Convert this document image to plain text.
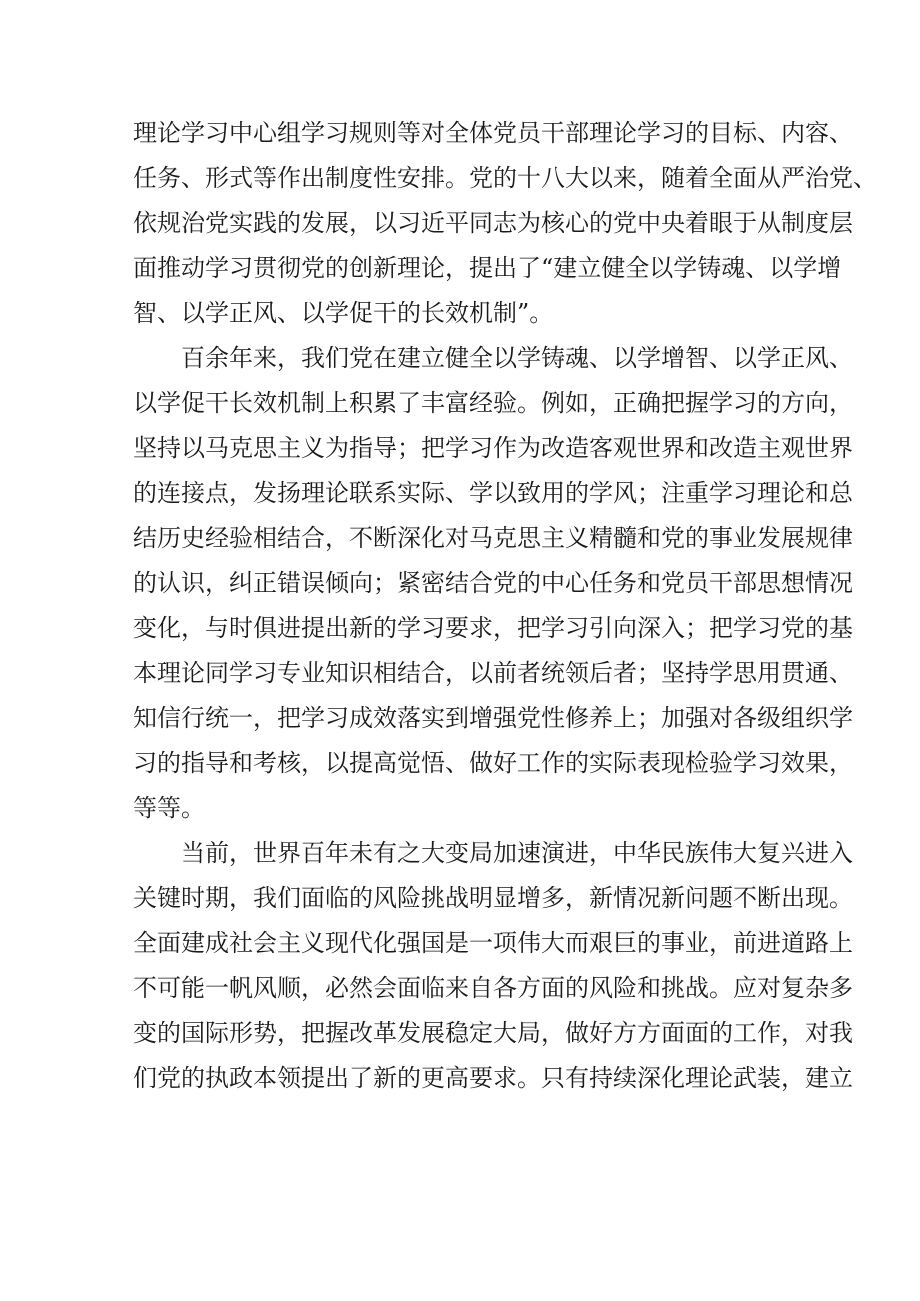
理论学习中心组学习规则等对全体党员干部理论学习的目标、内容、
任务、形式等作出制度性安排。党的十八大以来，随着全面从严治党、
依规治党实践的发展，以习近平同志为核心的党中央着眼于从制度层
面推动学习贯彻党的创新理论，提出了“建立健全以学铸魂、以学增
智、以学正风、以学促干的长效机制”。

百余年来，我们党在建立健全以学铸魂、以学增智、以学正风、
以学促干长效机制上积累了丰富经验。例如，正确把握学习的方向，
坚持以马克思主义为指导；把学习作为改造客观世界和改造主观世界
的连接点，发扬理论联系实际、学以致用的学风；注重学习理论和总
结历史经验相结合，不断深化对马克思主义精髓和党的事业发展规律
的认识，纠正错误倾向；紧密结合党的中心任务和党员干部思想情况
变化，与时俱进提出新的学习要求，把学习引向深入；把学习党的基
本理论同学习专业知识相结合，以前者统领后者；坚持学思用贯通、
知信行统一，把学习成效落实到增强党性修养上；加强对各级组织学
习的指导和考核，以提高觉悟、做好工作的实际表现检验学习效果，
等等。

当前，世界百年未有之大变局加速演进，中华民族伟大复兴进入
关键时期，我们面临的风险挑战明显增多，新情况新问题不断出现。
全面建成社会主义现代化强国是一项伟大而艰巨的事业，前进道路上
不可能一帆风顺，必然会面临来自各方面的风险和挑战。应对复杂多
变的国际形势，把握改革发展稳定大局，做好方方面面的工作，对我
们党的执政本领提出了新的更高要求。只有持续深化理论武装，建立
